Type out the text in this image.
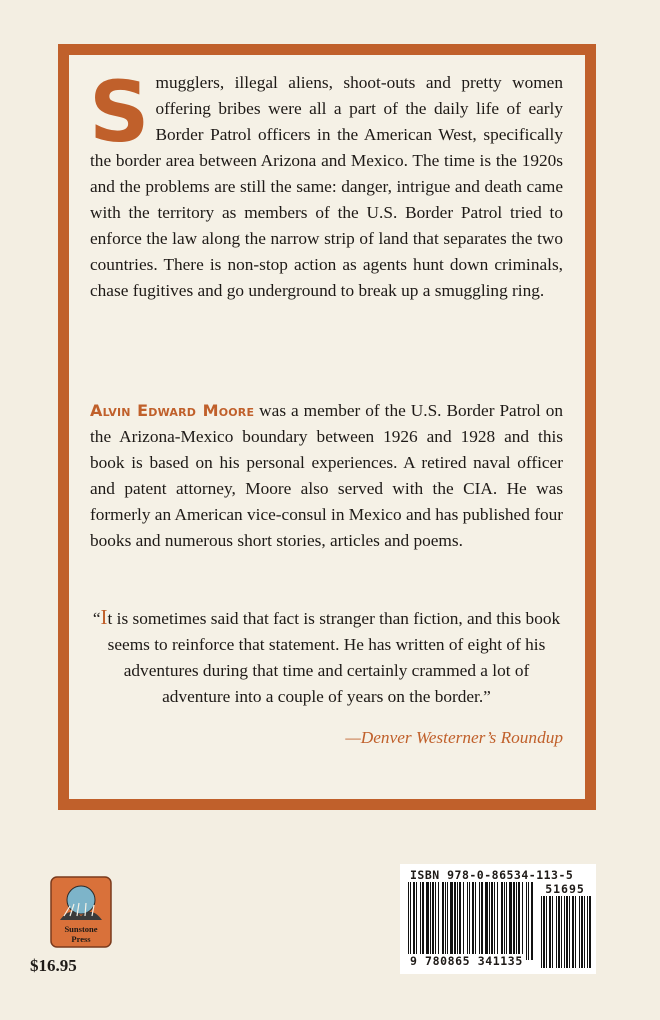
S mugglers, illegal aliens, shoot-outs and pretty women offering bribes were all a part of the daily life of early Border Patrol officers in the American West, specifically the border area between Arizona and Mexico. The time is the 1920s and the problems are still the same: danger, intrigue and death came with the territory as members of the U.S. Border Patrol tried to enforce the law along the narrow strip of land that separates the two countries. There is non-stop action as agents hunt down criminals, chase fugitives and go underground to break up a smuggling ring.
Alvin Edward Moore was a member of the U.S. Border Patrol on the Arizona-Mexico boundary between 1926 and 1928 and this book is based on his personal experiences. A retired naval officer and patent attorney, Moore also served with the CIA. He was formerly an American vice-consul in Mexico and has published four books and numerous short stories, articles and poems.
“It is sometimes said that fact is stranger than fiction, and this book seems to reinforce that statement. He has written of eight of his adventures during that time and certainly crammed a lot of adventure into a couple of years on the border.”
—Denver Westerner’s Roundup
Sunstone
Press
$16.95
ISBN 978-0-86534-113-5
51695
9 780865 341135
